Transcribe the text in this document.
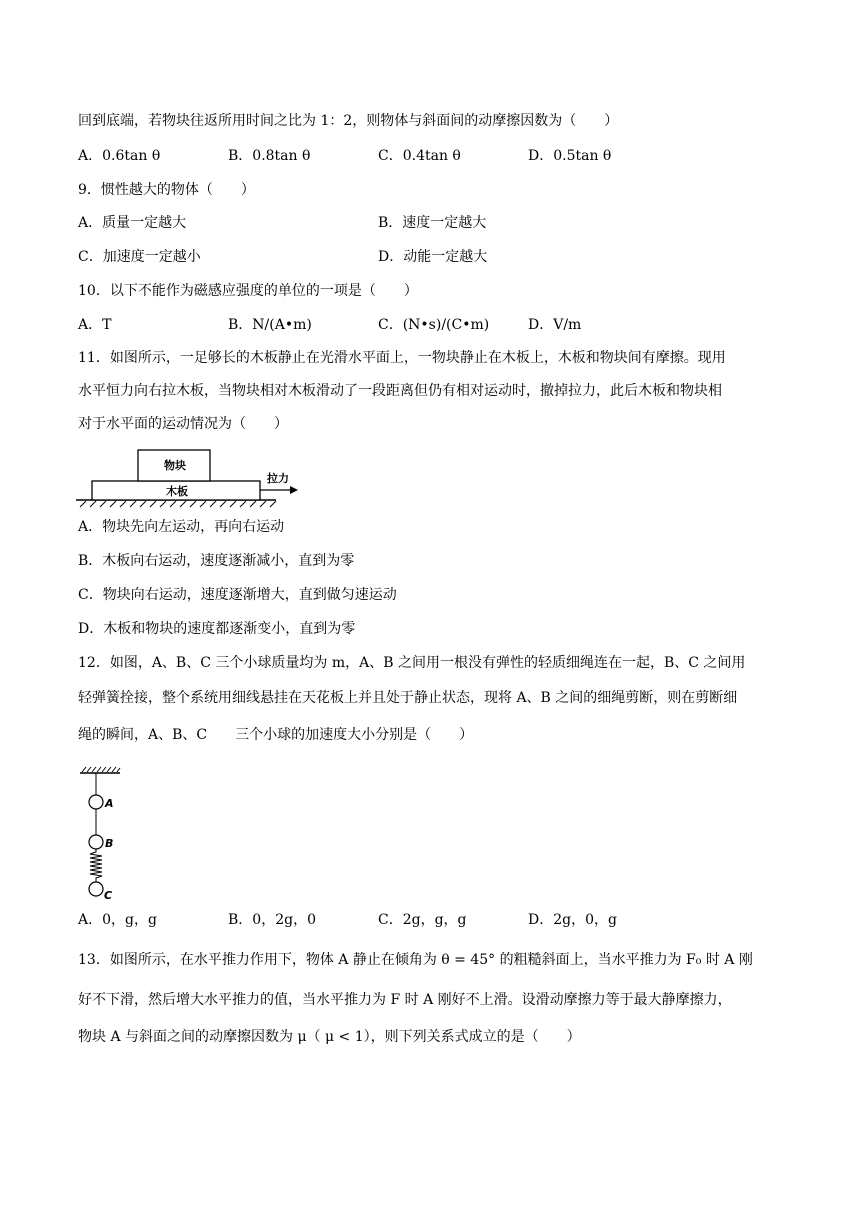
回到底端，若物块往返所用时间之比为 1：2，则物体与斜面间的动摩擦因数为（　　）
A．0.6tan θ	B．0.8tan θ	C．0.4tan θ	D．0.5tan θ
9．惯性越大的物体（　　）
A．质量一定越大	B．速度一定越大
C．加速度一定越小	D．动能一定越大
10．以下不能作为磁感应强度的单位的一项是（　　）
A．T	B．N/(A•m)	C．(N•s)/(C•m)	D．V/m
11．如图所示，一足够长的木板静止在光滑水平面上，一物块静止在木板上，木板和物块间有摩擦。现用
水平恒力向右拉木板，当物块相对木板滑动了一段距离但仍有相对运动时，撤掉拉力，此后木板和物块相
对于水平面的运动情况为（　　）
木板
物块
拉力
A．物块先向左运动，再向右运动
B．木板向右运动，速度逐渐减小，直到为零
C．物块向右运动，速度逐渐增大，直到做匀速运动
D．木板和物块的速度都逐渐变小，直到为零
12．如图，A、B、C 三个小球质量均为 m，A、B 之间用一根没有弹性的轻质细绳连在一起，B、C 之间用
轻弹簧拴接，整个系统用细线悬挂在天花板上并且处于静止状态，现将 A、B 之间的细绳剪断，则在剪断细
绳的瞬间，A、B、C　　三个小球的加速度大小分别是（　　）
A
B
C
A．0，g，g	B．0，2g，0	C．2g，g，g	D．2g，0，g
13．如图所示，在水平推力作用下，物体 A 静止在倾角为 θ = 45° 的粗糙斜面上，当水平推力为 F₀ 时 A 刚
好不下滑，然后增大水平推力的值，当水平推力为 F 时 A 刚好不上滑。设滑动摩擦力等于最大静摩擦力，
物块 A 与斜面之间的动摩擦因数为 μ（ μ < 1），则下列关系式成立的是（　　）
